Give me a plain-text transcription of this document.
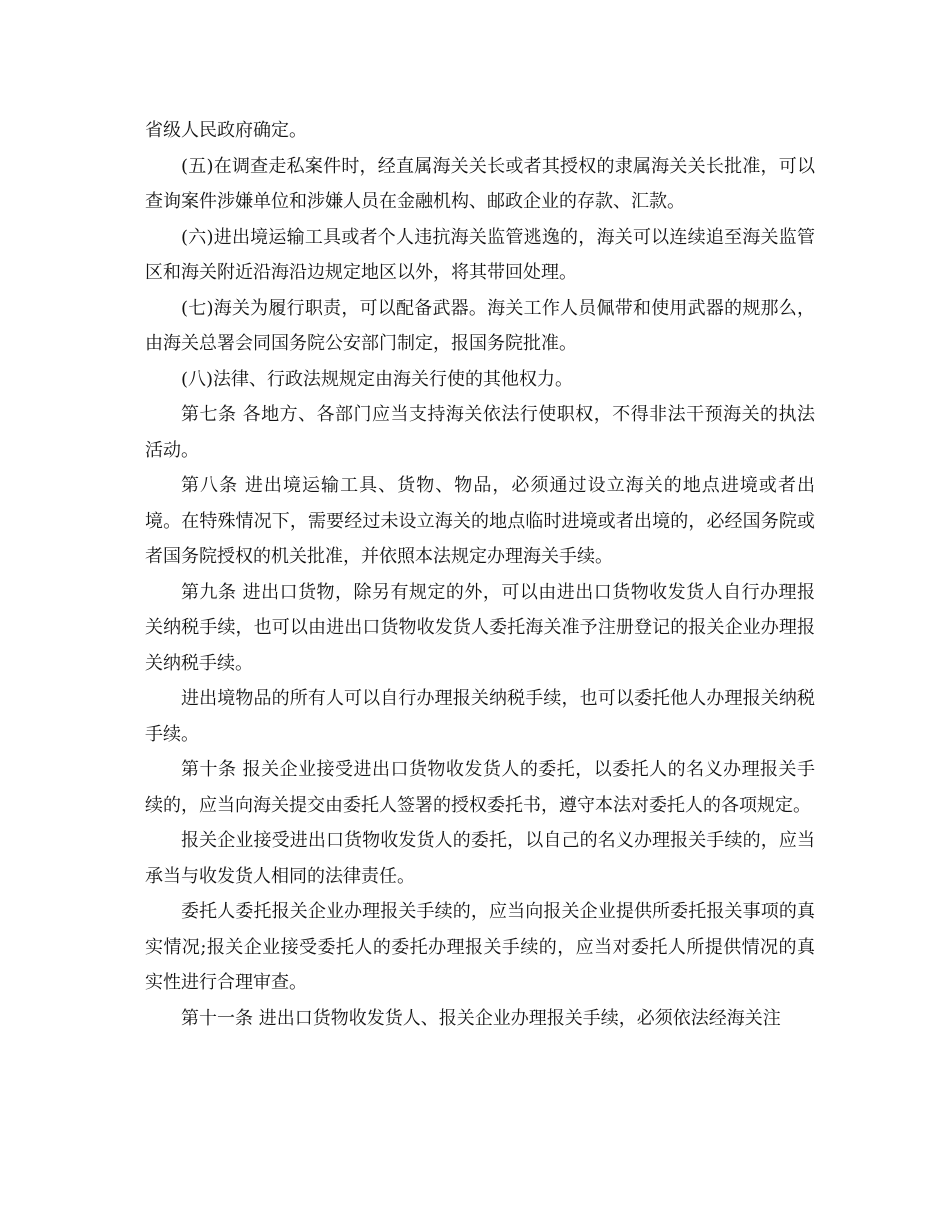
省级人民政府确定。

(五)在调查走私案件时，经直属海关关长或者其授权的隶属海关关长批准，可以查询案件涉嫌单位和涉嫌人员在金融机构、邮政企业的存款、汇款。

(六)进出境运输工具或者个人违抗海关监管逃逸的，海关可以连续追至海关监管区和海关附近沿海沿边规定地区以外，将其带回处理。

(七)海关为履行职责，可以配备武器。海关工作人员佩带和使用武器的规那么，由海关总署会同国务院公安部门制定，报国务院批准。

(八)法律、行政法规规定由海关行使的其他权力。

第七条 各地方、各部门应当支持海关依法行使职权，不得非法干预海关的执法活动。

第八条 进出境运输工具、货物、物品，必须通过设立海关的地点进境或者出境。在特殊情况下，需要经过未设立海关的地点临时进境或者出境的，必经国务院或者国务院授权的机关批准，并依照本法规定办理海关手续。

第九条 进出口货物，除另有规定的外，可以由进出口货物收发货人自行办理报关纳税手续，也可以由进出口货物收发货人委托海关准予注册登记的报关企业办理报关纳税手续。

进出境物品的所有人可以自行办理报关纳税手续，也可以委托他人办理报关纳税手续。

第十条 报关企业接受进出口货物收发货人的委托，以委托人的名义办理报关手续的，应当向海关提交由委托人签署的授权委托书，遵守本法对委托人的各项规定。

报关企业接受进出口货物收发货人的委托，以自己的名义办理报关手续的，应当承当与收发货人相同的法律责任。

委托人委托报关企业办理报关手续的，应当向报关企业提供所委托报关事项的真实情况;报关企业接受委托人的委托办理报关手续的，应当对委托人所提供情况的真实性进行合理审查。

第十一条 进出口货物收发货人、报关企业办理报关手续，必须依法经海关注
